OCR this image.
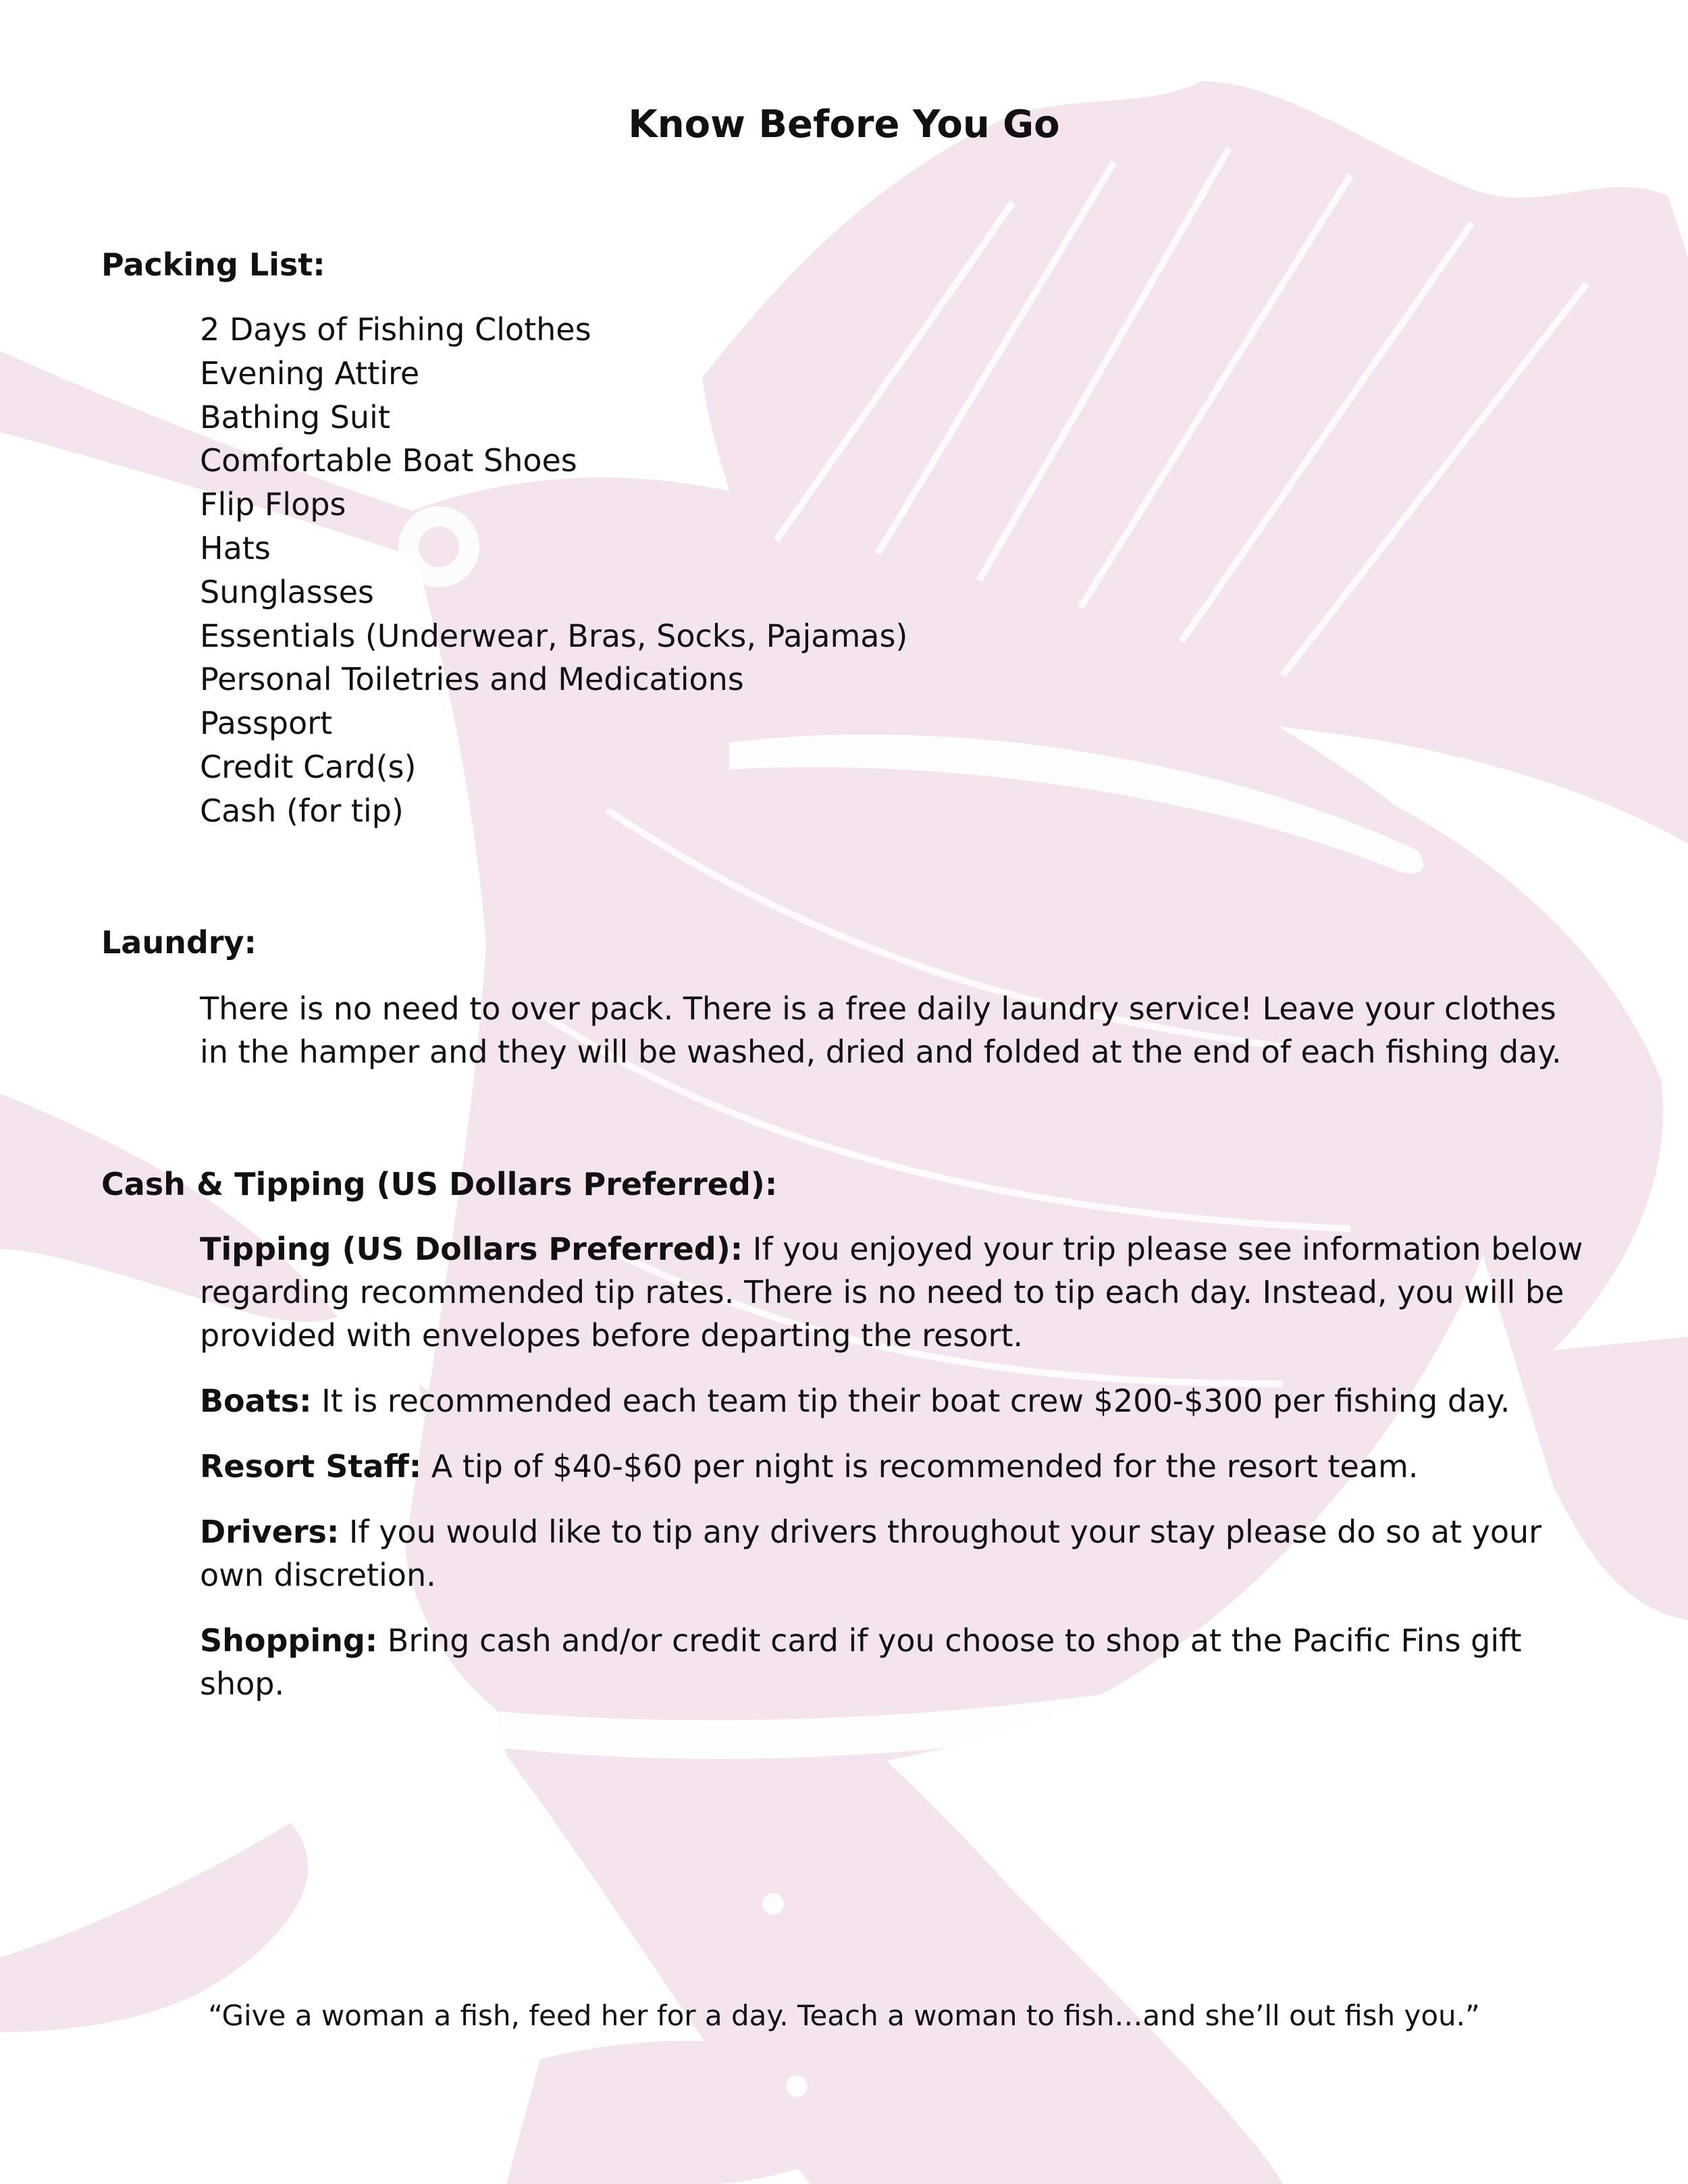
Know Before You Go
Packing List:
2 Days of Fishing Clothes
Evening Attire
Bathing Suit
Comfortable Boat Shoes
Flip Flops
Hats
Sunglasses
Essentials (Underwear, Bras, Socks, Pajamas)
Personal Toiletries and Medications
Passport
Credit Card(s)
Cash (for tip)
Laundry:

There is no need to over pack. There is a free daily laundry service! Leave your clothes in the hamper and they will be washed, dried and folded at the end of each fishing day.

Cash & Tipping (US Dollars Preferred):

Tipping (US Dollars Preferred): If you enjoyed your trip please see information below regarding recommended tip rates. There is no need to tip each day. Instead, you will be provided with envelopes before departing the resort.

Boats: It is recommended each team tip their boat crew $200-$300 per fishing day.

Resort Staff: A tip of $40-$60 per night is recommended for the resort team.

Drivers: If you would like to tip any drivers throughout your stay please do so at your own discretion.

Shopping: Bring cash and/or credit card if you choose to shop at the Pacific Fins gift shop.

“Give a woman a fish, feed her for a day. Teach a woman to fish…and she’ll out fish you.”
